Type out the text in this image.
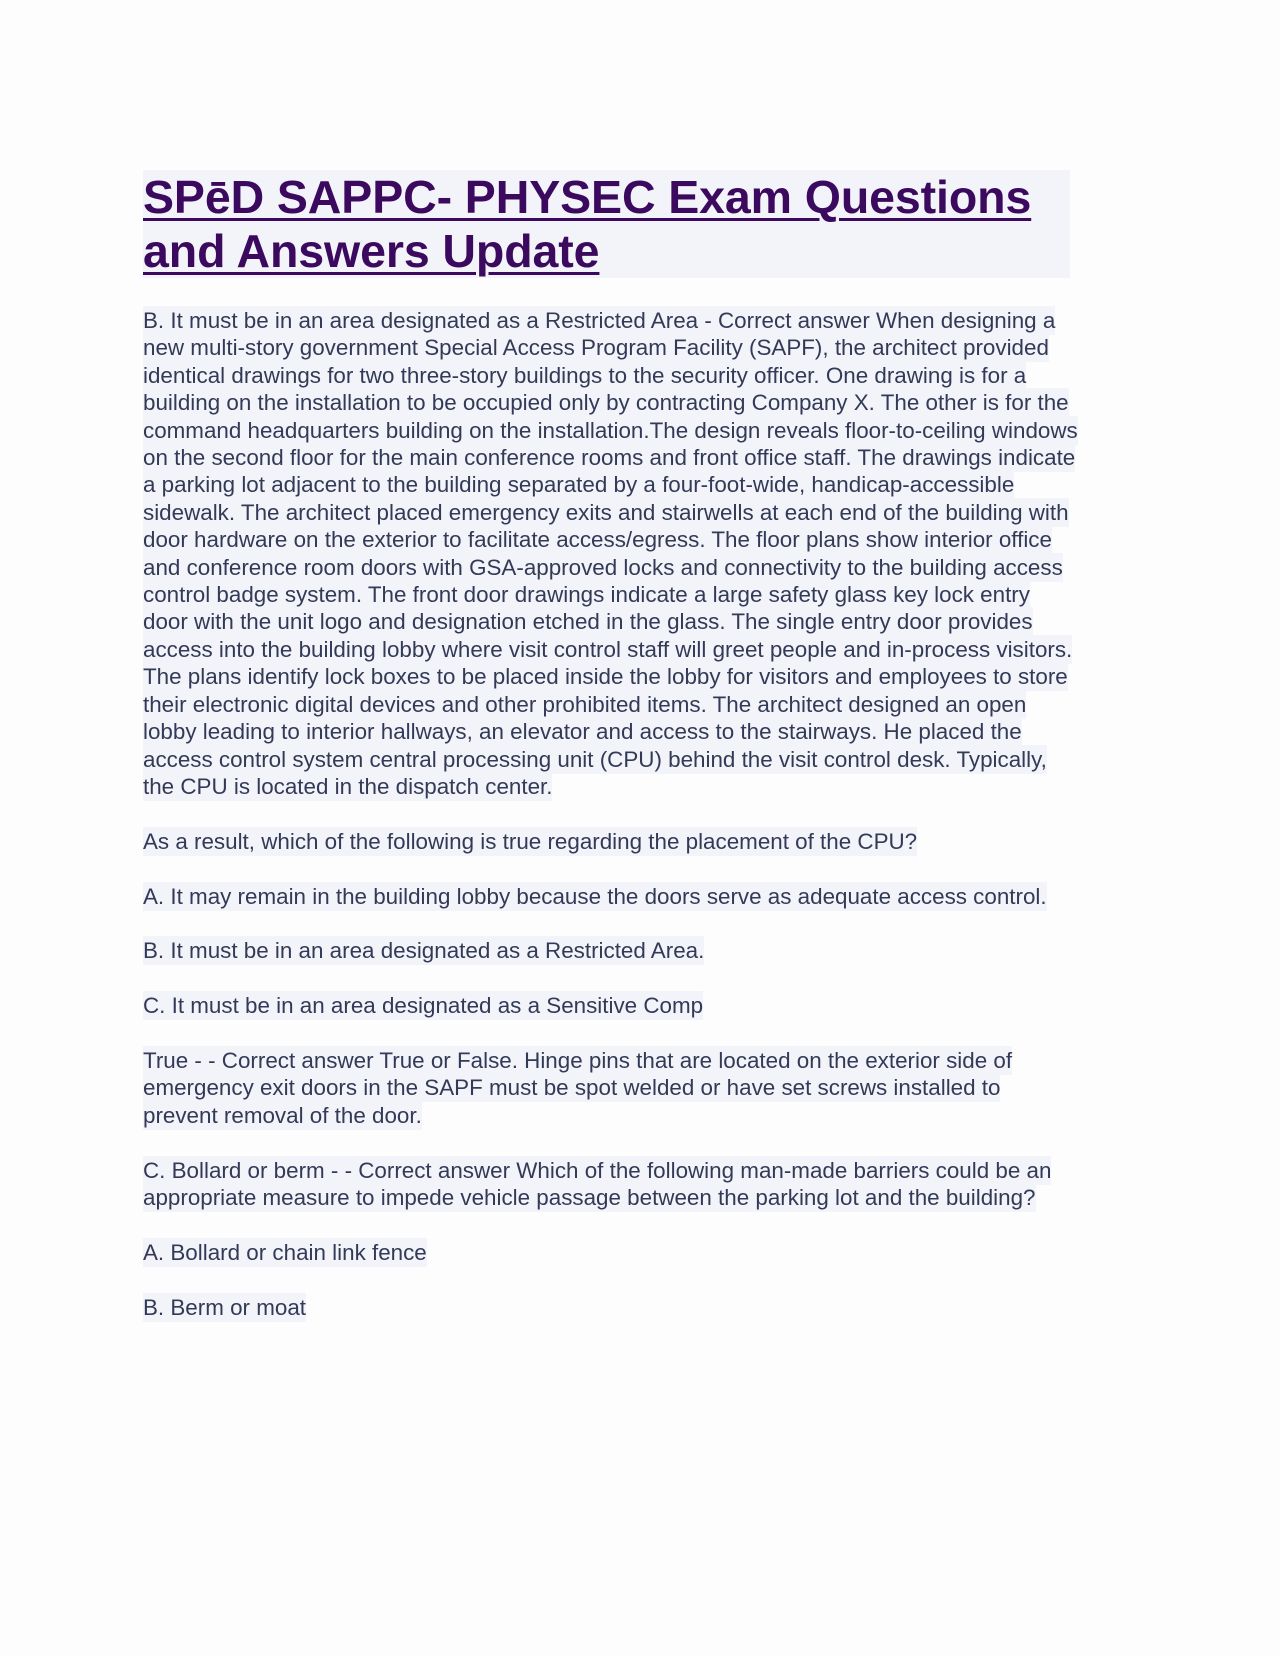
SPēD SAPPC- PHYSEC Exam Questions and Answers Update

B. It must be in an area designated as a Restricted Area - Correct answer When designing a new multi-story government Special Access Program Facility (SAPF), the architect provided identical drawings for two three-story buildings to the security officer. One drawing is for a building on the installation to be occupied only by contracting Company X. The other is for the command headquarters building on the installation.The design reveals floor-to-ceiling windows on the second floor for the main conference rooms and front office staff. The drawings indicate a parking lot adjacent to the building separated by a four-foot-wide, handicap-accessible sidewalk. The architect placed emergency exits and stairwells at each end of the building with door hardware on the exterior to facilitate access/egress. The floor plans show interior office and conference room doors with GSA-approved locks and connectivity to the building access control badge system. The front door drawings indicate a large safety glass key lock entry door with the unit logo and designation etched in the glass. The single entry door provides access into the building lobby where visit control staff will greet people and in-process visitors. The plans identify lock boxes to be placed inside the lobby for visitors and employees to store their electronic digital devices and other prohibited items. The architect designed an open lobby leading to interior hallways, an elevator and access to the stairways. He placed the access control system central processing unit (CPU) behind the visit control desk. Typically, the CPU is located in the dispatch center.

As a result, which of the following is true regarding the placement of the CPU?

A. It may remain in the building lobby because the doors serve as adequate access control.

B. It must be in an area designated as a Restricted Area.

C. It must be in an area designated as a Sensitive Comp

True - - Correct answer True or False. Hinge pins that are located on the exterior side of emergency exit doors in the SAPF must be spot welded or have set screws installed to prevent removal of the door.

C. Bollard or berm - - Correct answer Which of the following man-made barriers could be an appropriate measure to impede vehicle passage between the parking lot and the building?

A. Bollard or chain link fence

B. Berm or moat
